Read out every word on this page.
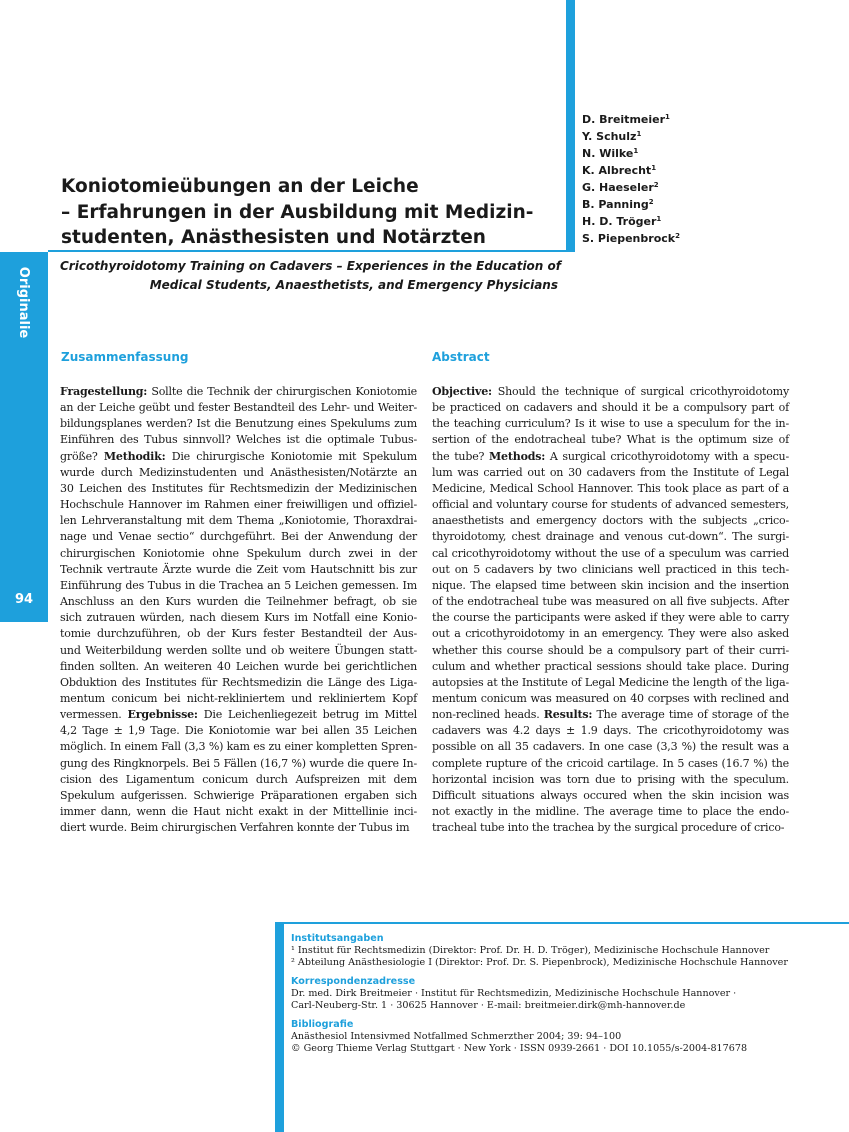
Originalie
94
Koniotomieübungen an der Leiche
– Erfahrungen in der Ausbildung mit Medizin-
studenten, Anästhesisten und Notärzten
Cricothyroidotomy Training on Cadavers – Experiences in the Education of
Medical Students, Anaesthetists, and Emergency Physicians
D. Breitmeier$^1$
Y. Schulz$^1$
N. Wilke$^1$
K. Albrecht$^1$
G. Haeseler$^2$
B. Panning$^2$
H. D. Tröger$^1$
S. Piepenbrock$^2$
Zusammenfassung	Abstract
Fragestellung: Sollte die Technik der chirurgischen Koniotomie
an der Leiche geübt und fester Bestandteil des Lehr- und Weiter-
bildungsplanes werden? Ist die Benutzung eines Spekulums zum
Einführen des Tubus sinnvoll? Welches ist die optimale Tubus-
größe? Methodik: Die chirurgische Koniotomie mit Spekulum
wurde durch Medizinstudenten und Anästhesisten/Notärzte an
30 Leichen des Institutes für Rechtsmedizin der Medizinischen
Hochschule Hannover im Rahmen einer freiwilligen und offiziel-
len Lehrveranstaltung mit dem Thema „Koniotomie, Thoraxdrai-
nage und Venae sectio“ durchgeführt. Bei der Anwendung der
chirurgischen Koniotomie ohne Spekulum durch zwei in der
Technik vertraute Ärzte wurde die Zeit vom Hautschnitt bis zur
Einführung des Tubus in die Trachea an 5 Leichen gemessen. Im
Anschluss an den Kurs wurden die Teilnehmer befragt, ob sie
sich zutrauen würden, nach diesem Kurs im Notfall eine Konio-
tomie durchzuführen, ob der Kurs fester Bestandteil der Aus-
und Weiterbildung werden sollte und ob weitere Übungen statt-
finden sollten. An weiteren 40 Leichen wurde bei gerichtlichen
Obduktion des Institutes für Rechtsmedizin die Länge des Liga-
mentum conicum bei nicht-rekliniertem und rekliniertem Kopf
vermessen. Ergebnisse: Die Leichenliegezeit betrug im Mittel
4,2 Tage ± 1,9 Tage. Die Koniotomie war bei allen 35 Leichen
möglich. In einem Fall (3,3 %) kam es zu einer kompletten Spren-
gung des Ringknorpels. Bei 5 Fällen (16,7 %) wurde die quere In-
cision des Ligamentum conicum durch Aufspreizen mit dem
Spekulum aufgerissen. Schwierige Präparationen ergaben sich
immer dann, wenn die Haut nicht exakt in der Mittellinie inci-
diert wurde. Beim chirurgischen Verfahren konnte der Tubus im
Objective: Should the technique of surgical cricothyroidotomy
be practiced on cadavers and should it be a compulsory part of
the teaching curriculum? Is it wise to use a speculum for the in-
sertion of the endotracheal tube? What is the optimum size of
the tube? Methods: A surgical cricothyroidotomy with a specu-
lum was carried out on 30 cadavers from the Institute of Legal
Medicine, Medical School Hannover. This took place as part of a
official and voluntary course for students of advanced semesters,
anaesthetists and emergency doctors with the subjects „crico-
thyroidotomy, chest drainage and venous cut-down“. The surgi-
cal cricothyroidotomy without the use of a speculum was carried
out on 5 cadavers by two clinicians well practiced in this tech-
nique. The elapsed time between skin incision and the insertion
of the endotracheal tube was measured on all five subjects. After
the course the participants were asked if they were able to carry
out a cricothyroidotomy in an emergency. They were also asked
whether this course should be a compulsory part of their curri-
culum and whether practical sessions should take place. During
autopsies at the Institute of Legal Medicine the length of the liga-
mentum conicum was measured on 40 corpses with reclined and
non-reclined heads. Results: The average time of storage of the
cadavers was 4.2 days ± 1.9 days. The cricothyroidotomy was
possible on all 35 cadavers. In one case (3,3 %) the result was a
complete rupture of the cricoid cartilage. In 5 cases (16.7 %) the
horizontal incision was torn due to prising with the speculum.
Difficult situations always occured when the skin incision was
not exactly in the midline. The average time to place the endo-
tracheal tube into the trachea by the surgical procedure of crico-
Institutsangaben
¹ Institut für Rechtsmedizin (Direktor: Prof. Dr. H. D. Tröger), Medizinische Hochschule Hannover
² Abteilung Anästhesiologie I (Direktor: Prof. Dr. S. Piepenbrock), Medizinische Hochschule Hannover
Korrespondenzadresse
Dr. med. Dirk Breitmeier · Institut für Rechtsmedizin, Medizinische Hochschule Hannover ·
Carl-Neuberg-Str. 1 · 30625 Hannover · E-mail: breitmeier.dirk@mh-hannover.de
Bibliografie
Anästhesiol Intensivmed Notfallmed Schmerzther 2004; 39: 94–100
© Georg Thieme Verlag Stuttgart · New York · ISSN 0939-2661 · DOI 10.1055/s-2004-817678
